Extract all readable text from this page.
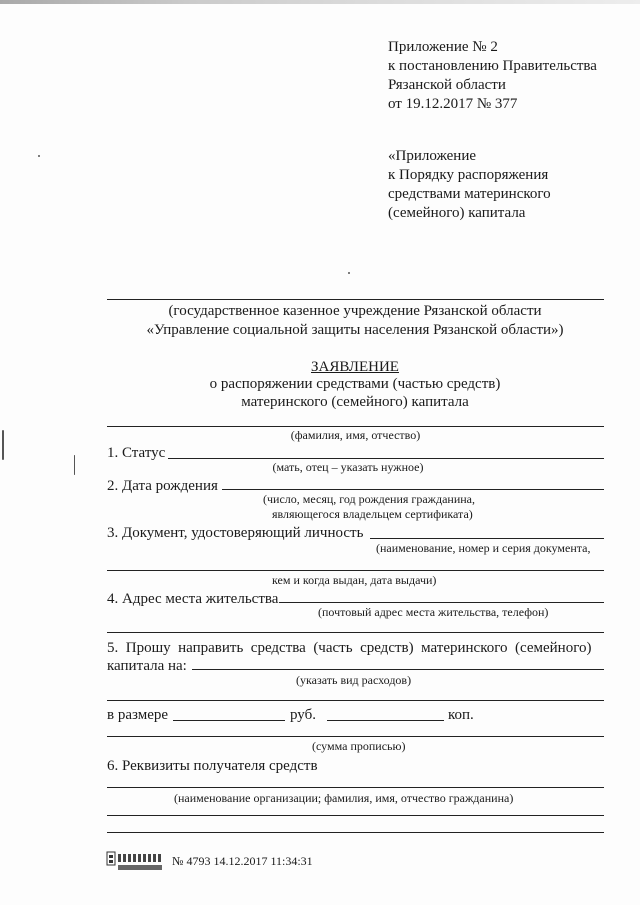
Приложение № 2
к постановлению Правительства
Рязанской области
от 19.12.2017 № 377
«Приложение
к Порядку распоряжения
средствами материнского
(семейного) капитала
(государственное казенное учреждение Рязанской области
«Управление социальной защиты населения Рязанской области»)
ЗАЯВЛЕНИЕ
о распоряжении средствами (частью средств)
материнского (семейного) капитала
(фамилия, имя, отчество)
1. Статус
(мать, отец – указать нужное)
2. Дата рождения
(число, месяц, год рождения гражданина,
являющегося владельцем сертификата)
3. Документ, удостоверяющий личность
(наименование, номер и серия документа,
кем и когда выдан, дата выдачи)
4. Адрес места жительства
(почтовый адрес места жительства, телефон)
5.  Прошу  направить  средства  (часть  средств)  материнского  (семейного)
капитала на:
(указать вид расходов)
в размере	руб.	коп.
(сумма прописью)
6. Реквизиты получателя средств
(наименование организации; фамилия, имя, отчество гражданина)
№ 4793 14.12.2017 11:34:31
